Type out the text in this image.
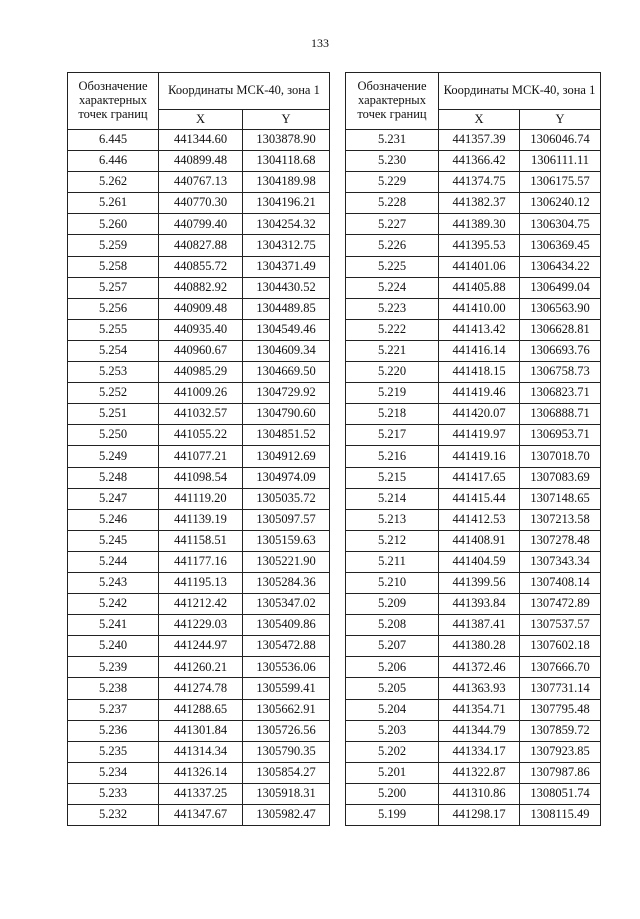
133
Обозначение характерных точек границ	Координаты МСК-40, зона 1	
	X	Y
6.445	441344.60	1303878.90
6.446	440899.48	1304118.68
5.262	440767.13	1304189.98
5.261	440770.30	1304196.21
5.260	440799.40	1304254.32
5.259	440827.88	1304312.75
5.258	440855.72	1304371.49
5.257	440882.92	1304430.52
5.256	440909.48	1304489.85
5.255	440935.40	1304549.46
5.254	440960.67	1304609.34
5.253	440985.29	1304669.50
5.252	441009.26	1304729.92
5.251	441032.57	1304790.60
5.250	441055.22	1304851.52
5.249	441077.21	1304912.69
5.248	441098.54	1304974.09
5.247	441119.20	1305035.72
5.246	441139.19	1305097.57
5.245	441158.51	1305159.63
5.244	441177.16	1305221.90
5.243	441195.13	1305284.36
5.242	441212.42	1305347.02
5.241	441229.03	1305409.86
5.240	441244.97	1305472.88
5.239	441260.21	1305536.06
5.238	441274.78	1305599.41
5.237	441288.65	1305662.91
5.236	441301.84	1305726.56
5.235	441314.34	1305790.35
5.234	441326.14	1305854.27
5.233	441337.25	1305918.31
5.232	441347.67	1305982.47
Обозначение характерных точек границ	Координаты МСК-40, зона 1	
	X	Y
5.231	441357.39	1306046.74
5.230	441366.42	1306111.11
5.229	441374.75	1306175.57
5.228	441382.37	1306240.12
5.227	441389.30	1306304.75
5.226	441395.53	1306369.45
5.225	441401.06	1306434.22
5.224	441405.88	1306499.04
5.223	441410.00	1306563.90
5.222	441413.42	1306628.81
5.221	441416.14	1306693.76
5.220	441418.15	1306758.73
5.219	441419.46	1306823.71
5.218	441420.07	1306888.71
5.217	441419.97	1306953.71
5.216	441419.16	1307018.70
5.215	441417.65	1307083.69
5.214	441415.44	1307148.65
5.213	441412.53	1307213.58
5.212	441408.91	1307278.48
5.211	441404.59	1307343.34
5.210	441399.56	1307408.14
5.209	441393.84	1307472.89
5.208	441387.41	1307537.57
5.207	441380.28	1307602.18
5.206	441372.46	1307666.70
5.205	441363.93	1307731.14
5.204	441354.71	1307795.48
5.203	441344.79	1307859.72
5.202	441334.17	1307923.85
5.201	441322.87	1307987.86
5.200	441310.86	1308051.74
5.199	441298.17	1308115.49
